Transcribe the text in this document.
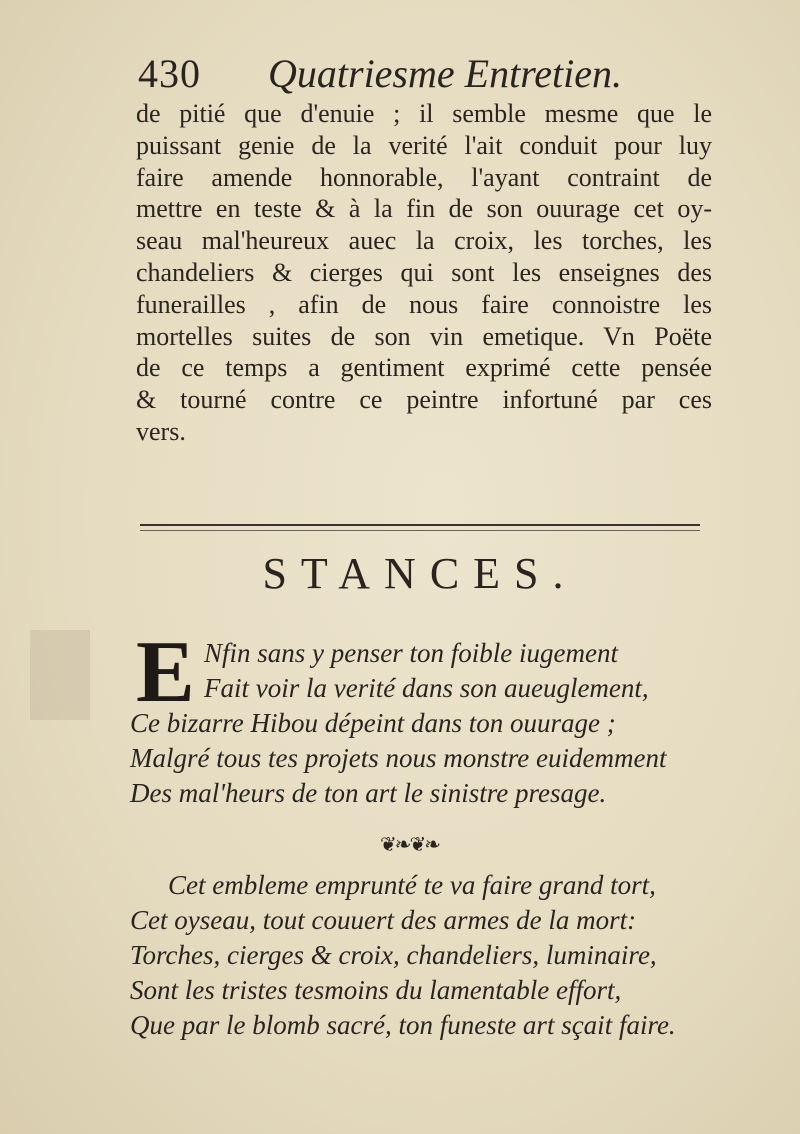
430 Quatriesme Entretien.
de pitié que d'enuie ; il semble mesme que le
puissant genie de la verité l'ait conduit pour luy
faire amende honnorable, l'ayant contraint de
mettre en teste & à la fin de son ouurage cet oy-
seau mal'heureux auec la croix, les torches, les
chandeliers & cierges qui sont les enseignes des
funerailles , afin de nous faire connoistre les
mortelles suites de son vin emetique. Vn Poëte
de ce temps a gentiment exprimé cette pensée
& tourné contre ce peintre infortuné par ces
vers.
STANCES.
E Nfin sans y penser ton foible iugement
Fait voir la verité dans son aueuglement,
Ce bizarre Hibou dépeint dans ton ouurage ;
Malgré tous tes projets nous monstre euidemment
Des mal'heurs de ton art le sinistre presage.
❦❧❦❧
Cet embleme emprunté te va faire grand tort,
Cet oyseau, tout couuert des armes de la mort:
Torches, cierges & croix, chandeliers, luminaire,
Sont les tristes tesmoins du lamentable effort,
Que par le blomb sacré, ton funeste art sçait faire.
